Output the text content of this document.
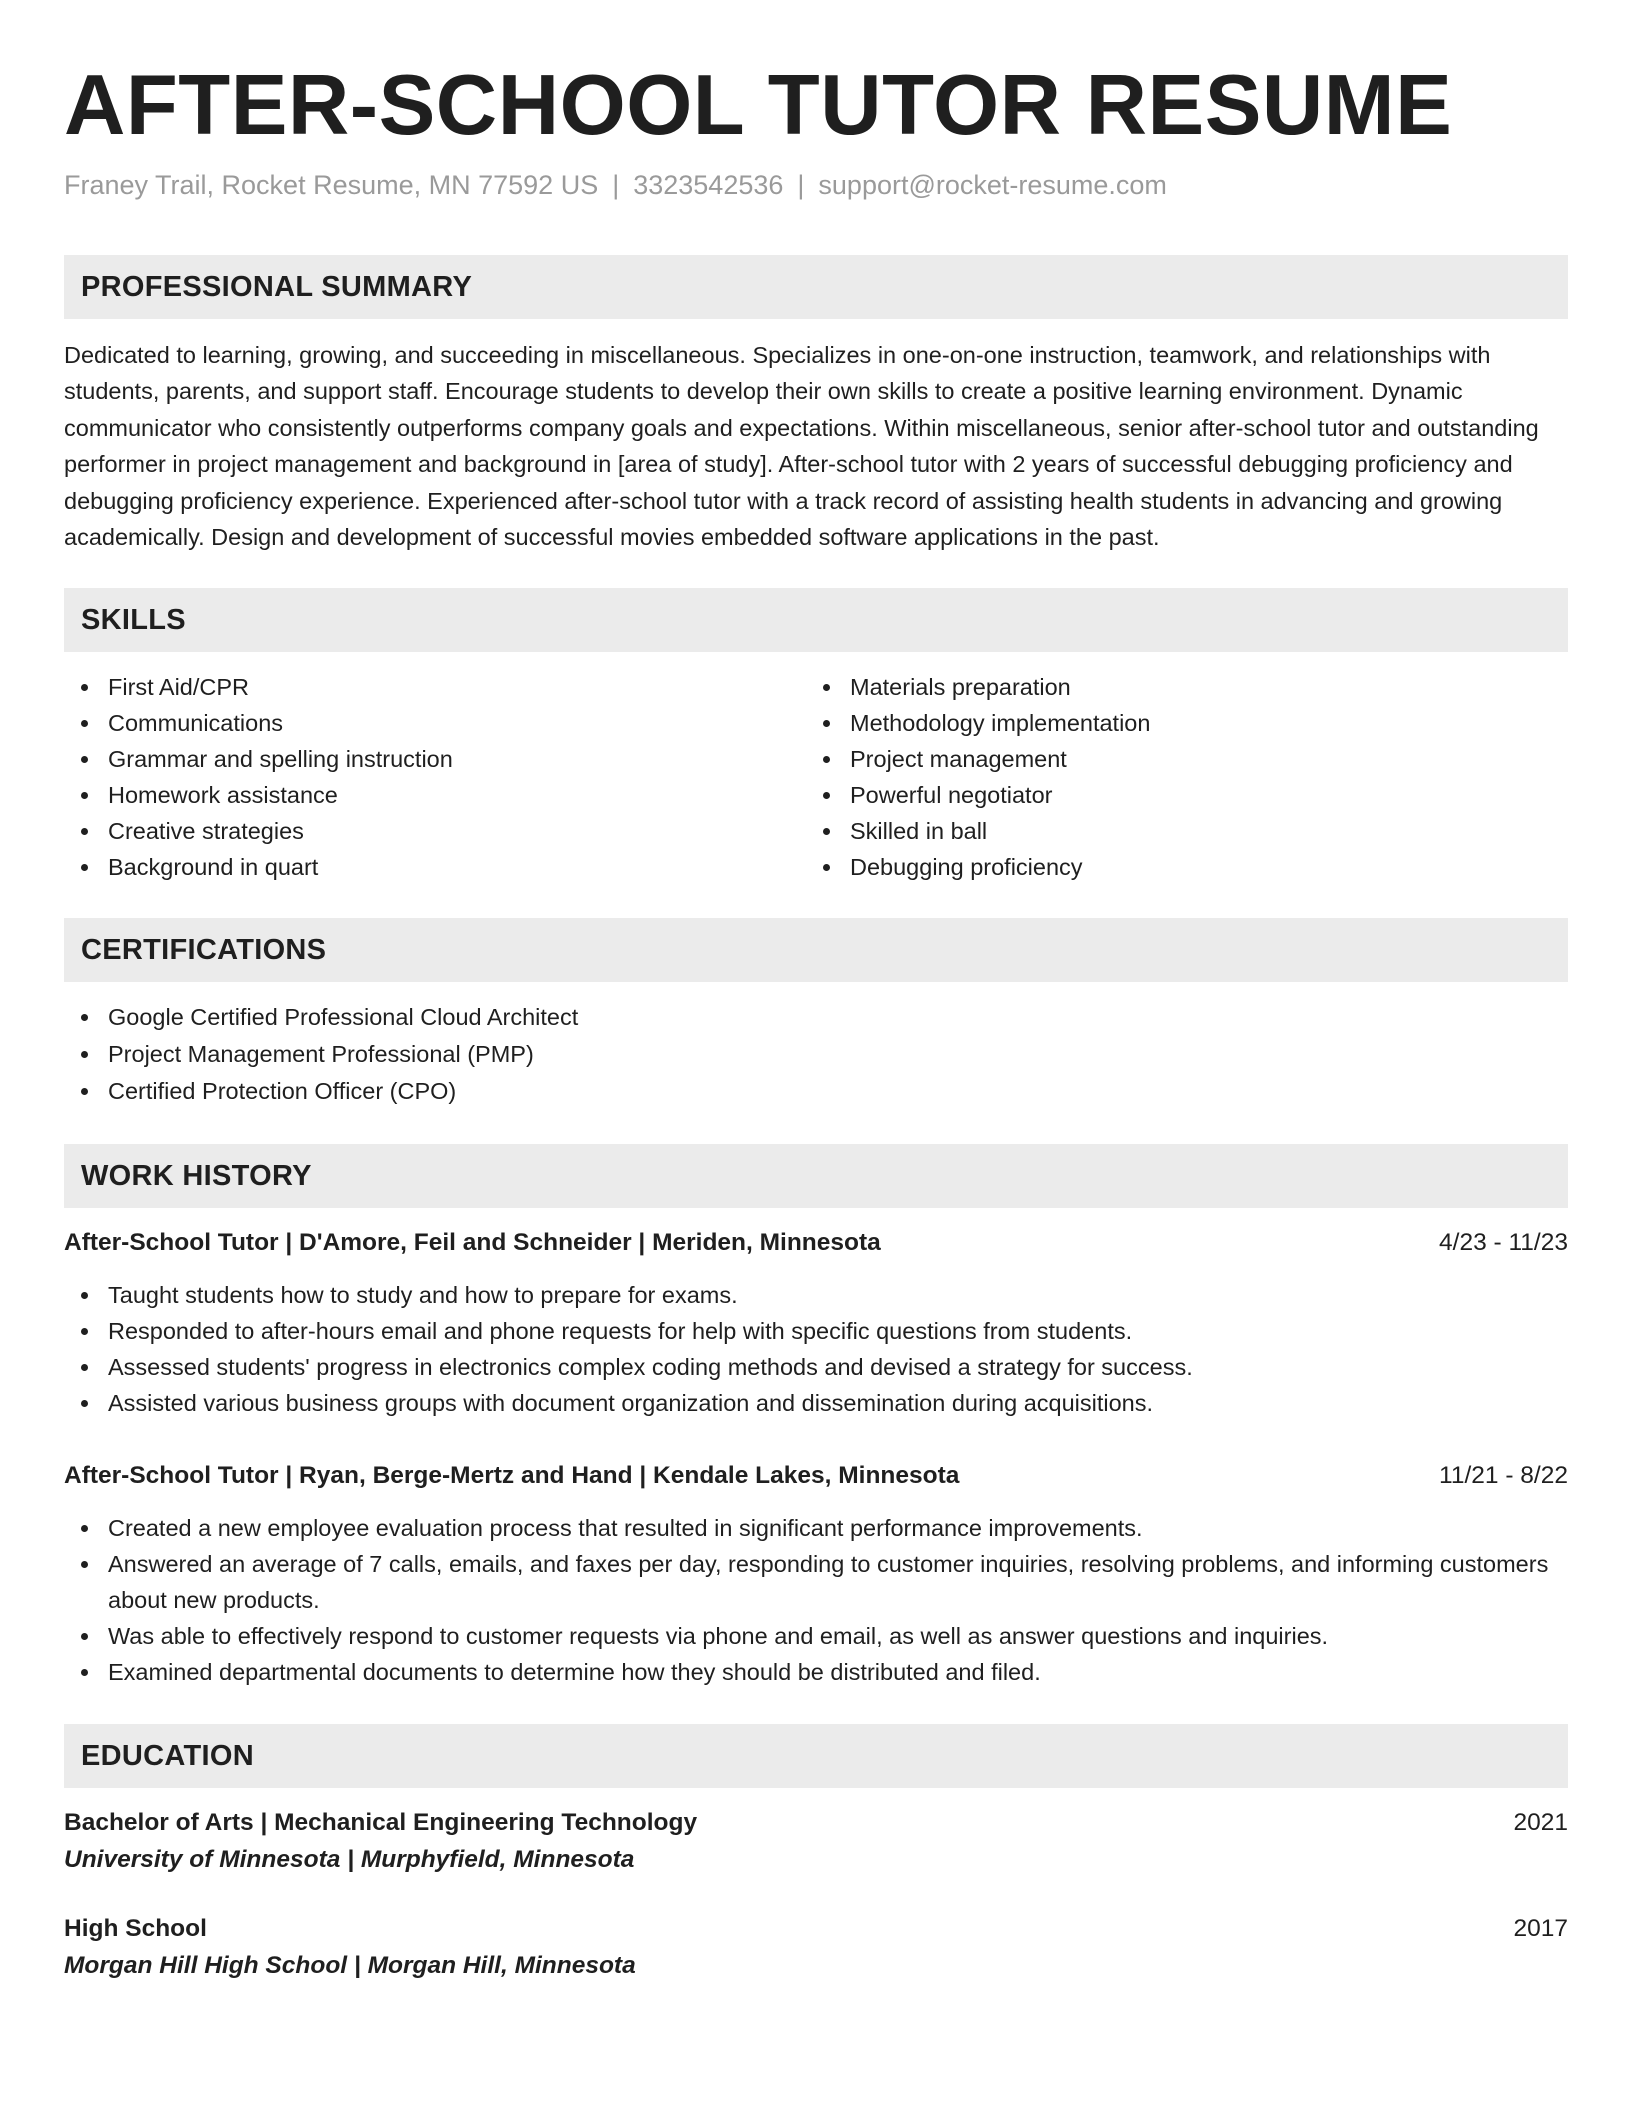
AFTER-SCHOOL TUTOR RESUME
Franey Trail, Rocket Resume, MN 77592 US | 3323542536 | support@rocket-resume.com
PROFESSIONAL SUMMARY

Dedicated to learning, growing, and succeeding in miscellaneous. Specializes in one-on-one instruction, teamwork, and relationships with students, parents, and support staff. Encourage students to develop their own skills to create a positive learning environment. Dynamic communicator who consistently outperforms company goals and expectations. Within miscellaneous, senior after-school tutor and outstanding performer in project management and background in [area of study]. After-school tutor with 2 years of successful debugging proficiency and debugging proficiency experience. Experienced after-school tutor with a track record of assisting health students in advancing and growing academically. Design and development of successful movies embedded software applications in the past.

SKILLS
First Aid/CPR
Communications
Grammar and spelling instruction
Homework assistance
Creative strategies
Background in quart
Materials preparation
Methodology implementation
Project management
Powerful negotiator
Skilled in ball
Debugging proficiency
CERTIFICATIONS
Google Certified Professional Cloud Architect
Project Management Professional (PMP)
Certified Protection Officer (CPO)
WORK HISTORY
After-School Tutor | D'Amore, Feil and Schneider | Meriden, Minnesota	4/23 - 11/23
Taught students how to study and how to prepare for exams.
Responded to after-hours email and phone requests for help with specific questions from students.
Assessed students' progress in electronics complex coding methods and devised a strategy for success.
Assisted various business groups with document organization and dissemination during acquisitions.
After-School Tutor | Ryan, Berge-Mertz and Hand | Kendale Lakes, Minnesota	11/21 - 8/22
Created a new employee evaluation process that resulted in significant performance improvements.
Answered an average of 7 calls, emails, and faxes per day, responding to customer inquiries, resolving problems, and informing customers about new products.
Was able to effectively respond to customer requests via phone and email, as well as answer questions and inquiries.
Examined departmental documents to determine how they should be distributed and filed.
EDUCATION
Bachelor of Arts | Mechanical Engineering Technology	2021
University of Minnesota | Murphyfield, Minnesota
High School	2017
Morgan Hill High School | Morgan Hill, Minnesota
